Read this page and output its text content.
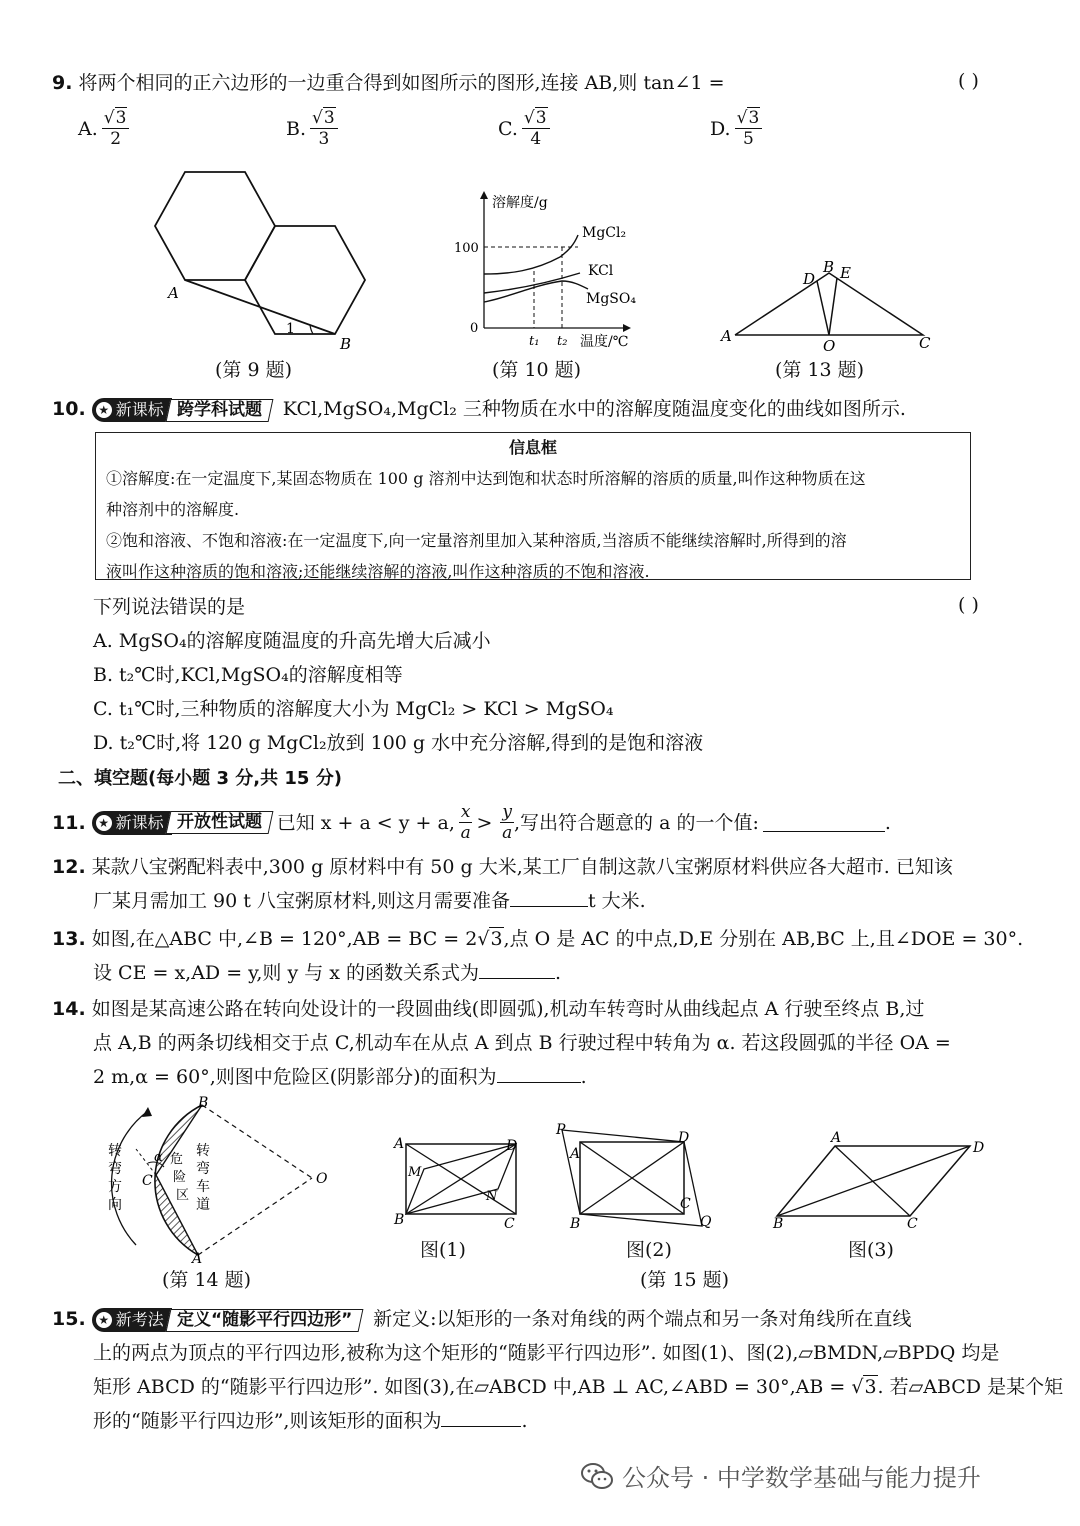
9. 将两个相同的正六边形的一边重合得到如图所示的图形,连接 AB,则 tan∠1 =	( )
A. $\frac{√3}{2}$	B. $\frac{√3}{3}$	C. $\frac{√3}{4}$	D. $\frac{√3}{5}$
A
B
1
(第 9 题)
溶解度/g
100
0
t₁ t₂ 温度/℃
MgCl₂
KCl
MgSO₄
(第 10 题)
A
B
C
D E
O
(第 13 题)
10. ★ 新课标 跨学科试题	KCl,MgSO₄,MgCl₂ 三种物质在水中的溶解度随温度变化的曲线如图所示.
信息框
①溶解度:在一定温度下,某固态物质在 100 g 溶剂中达到饱和状态时所溶解的溶质的质量,叫作这种物质在这
种溶剂中的溶解度.
②饱和溶液、不饱和溶液:在一定温度下,向一定量溶剂里加入某种溶质,当溶质不能继续溶解时,所得到的溶
液叫作这种溶质的饱和溶液;还能继续溶解的溶液,叫作这种溶质的不饱和溶液.
下列说法错误的是	( )
A. MgSO₄的溶解度随温度的升高先增大后减小
B. t₂℃时,KCl,MgSO₄的溶解度相等
C. t₁℃时,三种物质的溶解度大小为 MgCl₂ > KCl > MgSO₄
D. t₂℃时,将 120 g MgCl₂放到 100 g 水中充分溶解,得到的是饱和溶液
二、填空题(每小题 3 分,共 15 分)
11. ★ 新课标 开放性试题 已知 x + a < y + a, $\frac{x}{a} > \frac{y}{a}$ ,写出符合题意的 a 的一个值:	.
12. 某款八宝粥配料表中,300 g 原材料中有 50 g 大米,某工厂自制这款八宝粥原材料供应各大超市. 已知该
厂某月需加工 90 t 八宝粥原材料,则这月需要准备	t 大米.
13. 如图,在△ABC 中,∠B = 120°,AB = BC = 2√3,点 O 是 AC 的中点,D,E 分别在 AB,BC 上,且∠DOE = 30°.
设 CE = x,AD = y,则 y 与 x 的函数关系式为	.
14. 如图是某高速公路在转向处设计的一段圆曲线(即圆弧),机动车转弯时从曲线起点 A 行驶至终点 B,过
点 A,B 的两条切线相交于点 C,机动车在从点 A 到点 B 行驶过程中转角为 α. 若这段圆弧的半径 OA =
2 m,α = 60°,则图中危险区(阴影部分)的面积为	.
转
弯
方
向
危
险
区
转
弯
车
道
α
C
B
A
O
(第 14 题)
A
B	C
D
M
N
图(1)
P
A
B
C
D
Q
图(2)
A
D
B	C
图(3)
(第 15 题)
15. ★ 新考法 定义“随影平行四边形”	新定义:以矩形的一条对角线的两个端点和另一条对角线所在直线
上的两点为顶点的平行四边形,被称为这个矩形的“随影平行四边形”. 如图(1)、图(2),▱BMDN,▱BPDQ 均是
矩形 ABCD 的“随影平行四边形”. 如图(3),在▱ABCD 中,AB ⊥ AC,∠ABD = 30°,AB = √3. 若▱ABCD 是某个矩
形的“随影平行四边形”,则该矩形的面积为	.
公众号 · 中学数学基础与能力提升
